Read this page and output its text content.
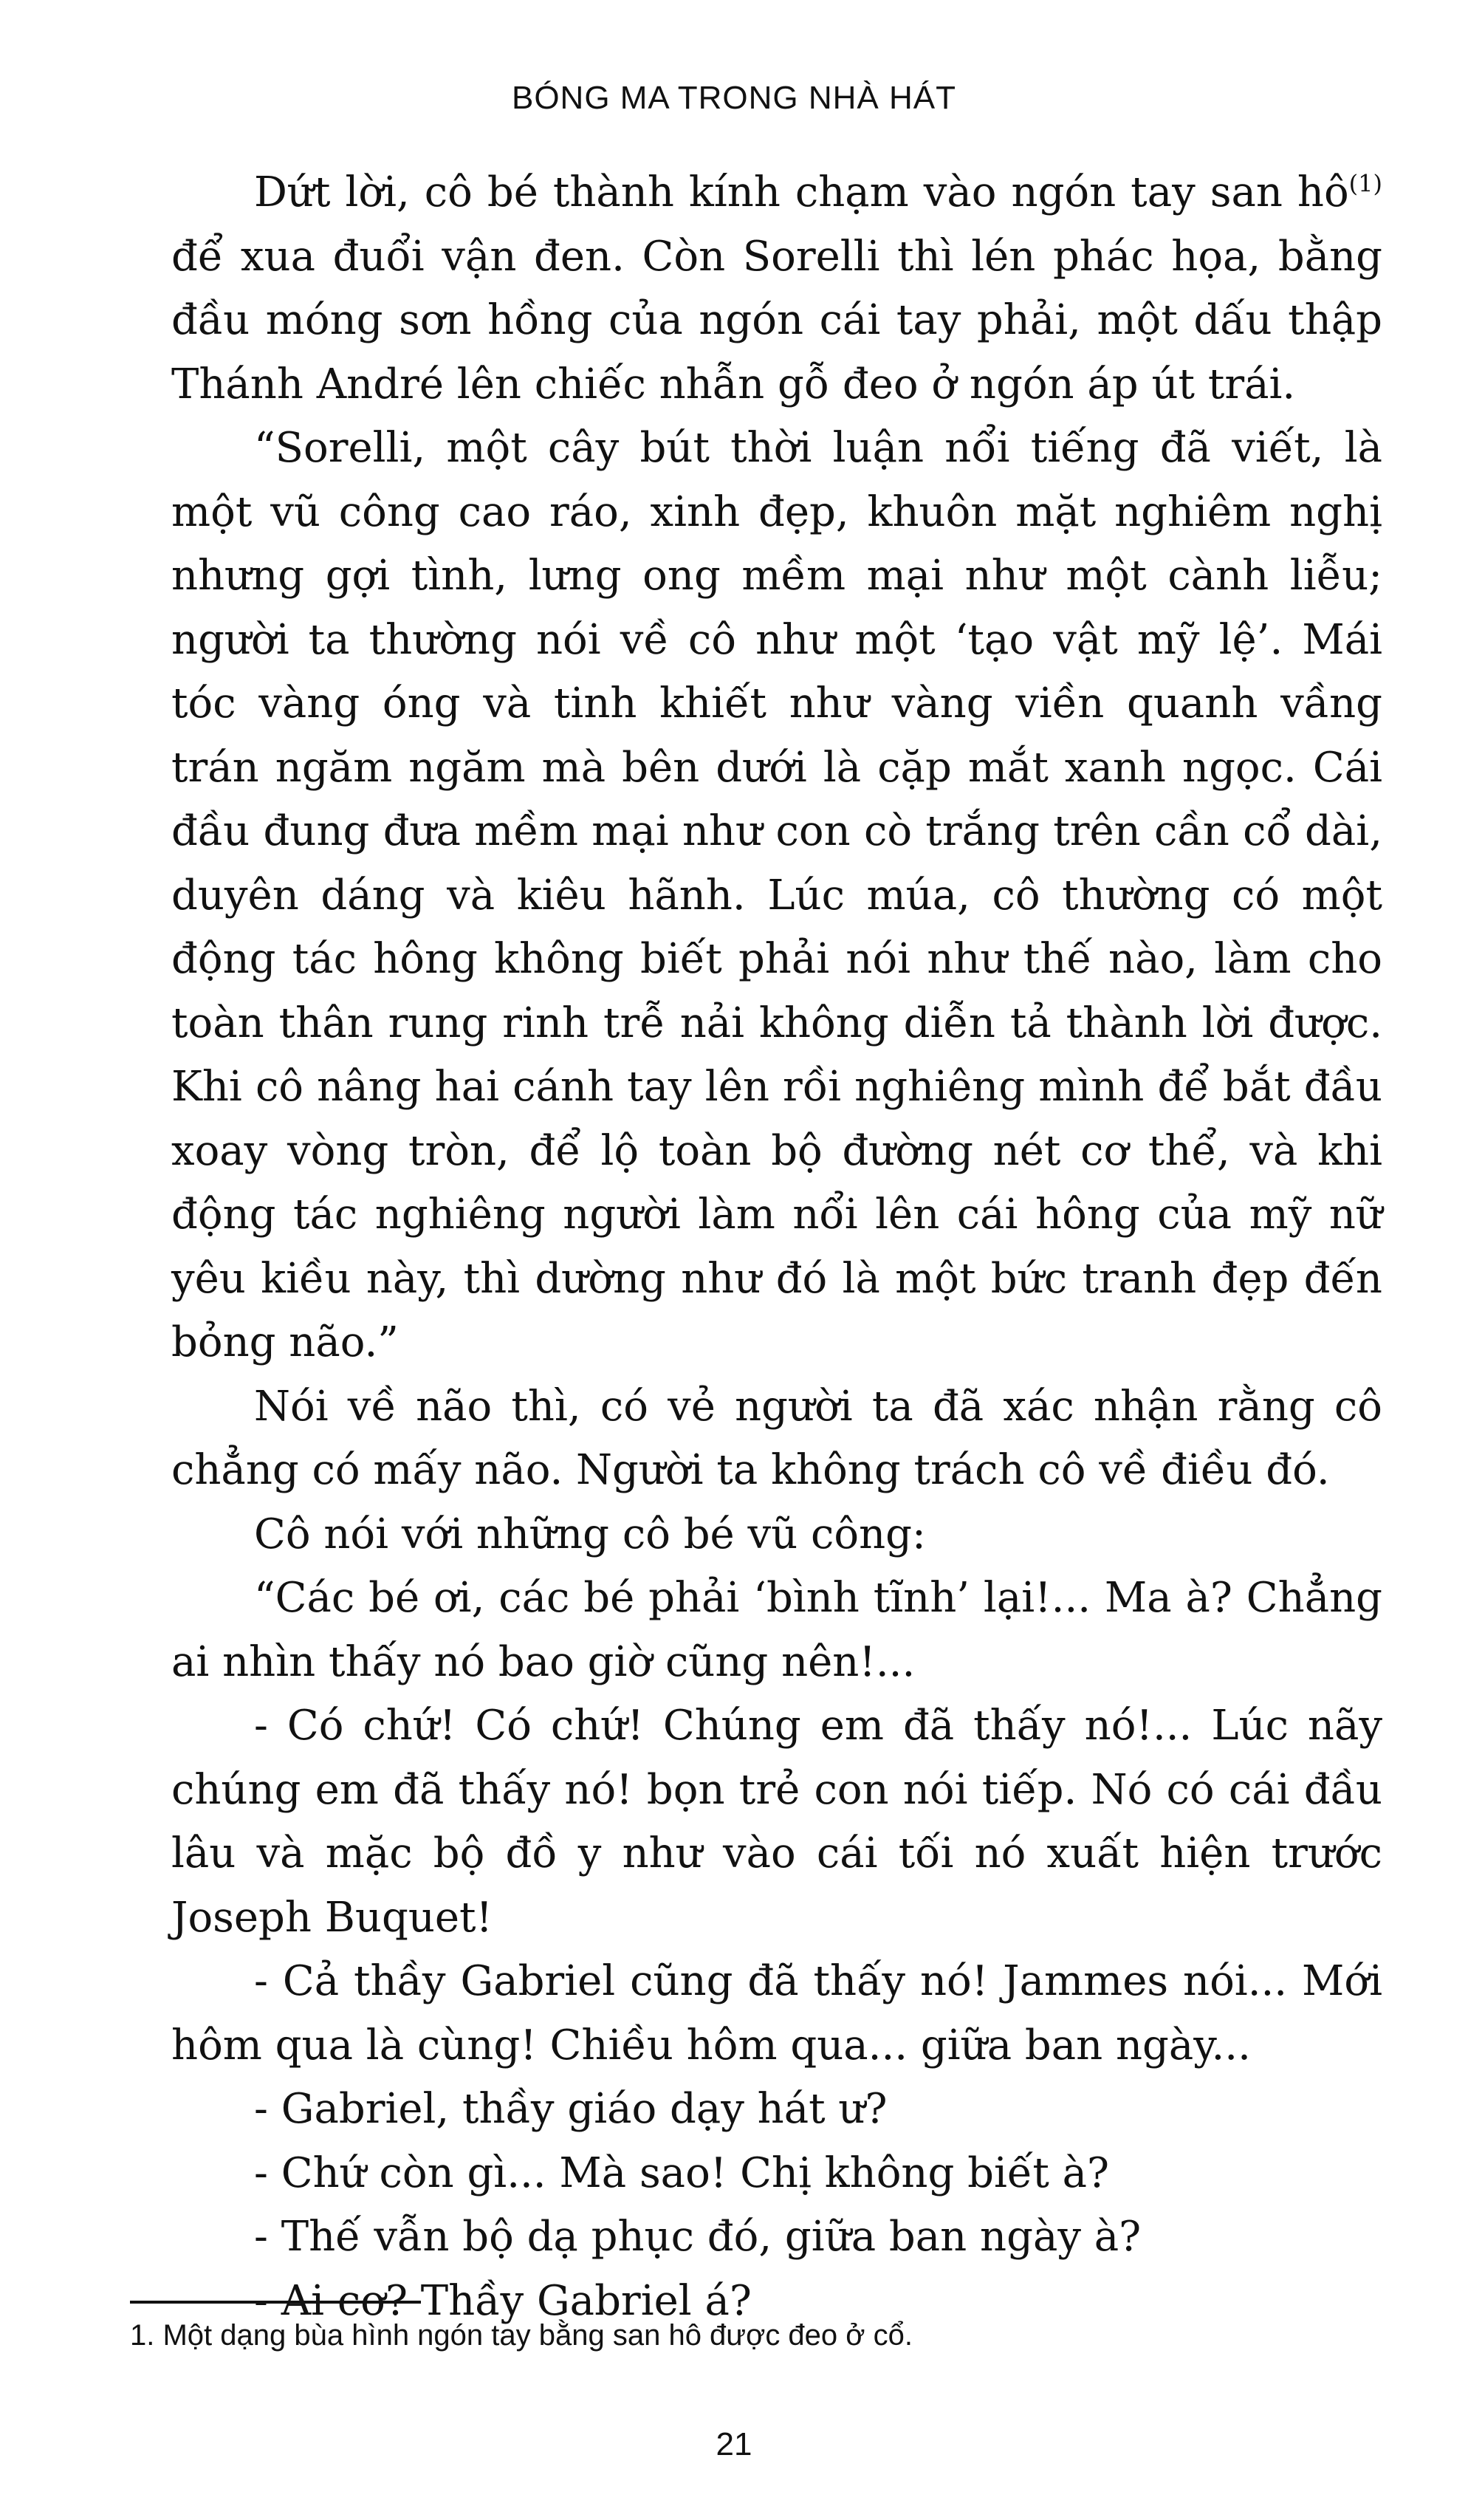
BÓNG MA TRONG NHÀ HÁT

Dứt lời, cô bé thành kính chạm vào ngón tay san $hô^{(1)}$ để xua đuổi vận đen. Còn Sorelli thì lén phác họa, bằng đầu móng sơn hồng của ngón cái tay phải, một dấu thập Thánh André lên chiếc nhẫn gỗ đeo ở ngón áp út trái.

“Sorelli, một cây bút thời luận nổi tiếng đã viết, là một vũ công cao ráo, xinh đẹp, khuôn mặt nghiêm nghị nhưng gợi tình, lưng ong mềm mại như một cành liễu; người ta thường nói về cô như một ‘tạo vật mỹ lệ’. Mái tóc vàng óng và tinh khiết như vàng viền quanh vầng trán ngăm ngăm mà bên dưới là cặp mắt xanh ngọc. Cái đầu đung đưa mềm mại như con cò trắng trên cần cổ dài, duyên dáng và kiêu hãnh. Lúc múa, cô thường có một động tác hông không biết phải nói như thế nào, làm cho toàn thân rung rinh trễ nải không diễn tả thành lời được. Khi cô nâng hai cánh tay lên rồi nghiêng mình để bắt đầu xoay vòng tròn, để lộ toàn bộ đường nét cơ thể, và khi động tác nghiêng người làm nổi lên cái hông của mỹ nữ yêu kiều này, thì dường như đó là một bức tranh đẹp đến bỏng não.”

Nói về não thì, có vẻ người ta đã xác nhận rằng cô chẳng có mấy não. Người ta không trách cô về điều đó.

Cô nói với những cô bé vũ công:

“Các bé ơi, các bé phải ‘bình tĩnh’ lại!... Ma à? Chẳng ai nhìn thấy nó bao giờ cũng nên!...

- Có chứ! Có chứ! Chúng em đã thấy nó!... Lúc nãy chúng em đã thấy nó! bọn trẻ con nói tiếp. Nó có cái đầu lâu và mặc bộ đồ y như vào cái tối nó xuất hiện trước Joseph Buquet!

- Cả thầy Gabriel cũng đã thấy nó! Jammes nói... Mới hôm qua là cùng! Chiều hôm qua... giữa ban ngày...

- Gabriel, thầy giáo dạy hát ư?

- Chứ còn gì... Mà sao! Chị không biết à?

- Thế vẫn bộ dạ phục đó, giữa ban ngày à?

- Ai cơ? Thầy Gabriel á?

1. Một dạng bùa hình ngón tay bằng san hô được đeo ở cổ.
21
